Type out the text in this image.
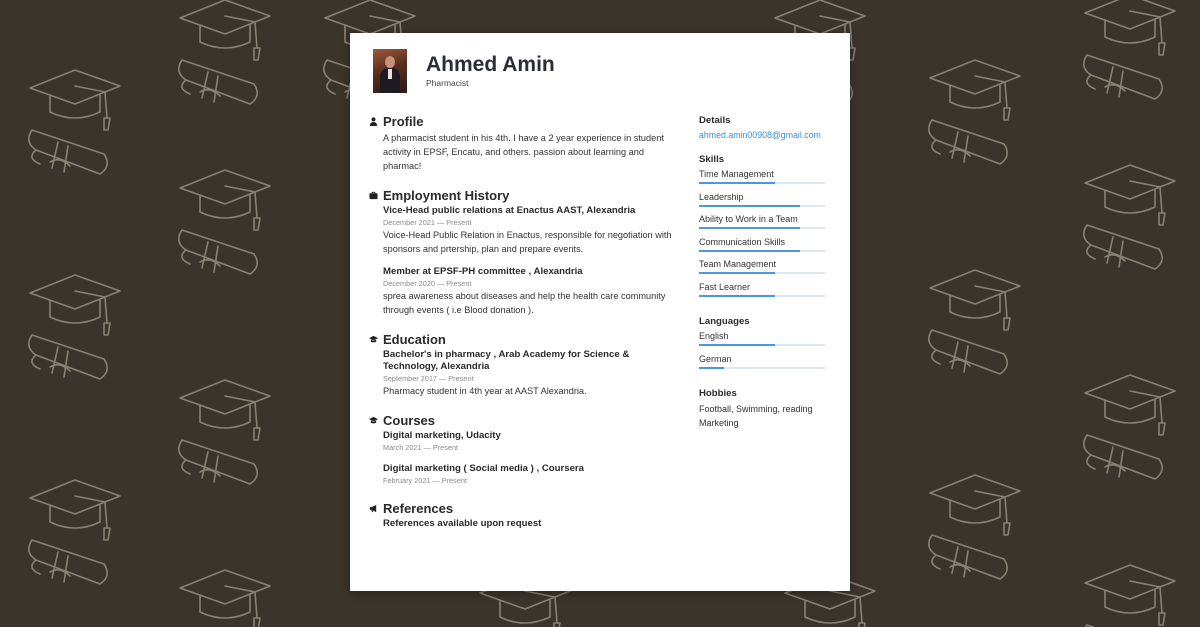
Ahmed Amin
Pharmacist
Profile
A pharmacist student in his 4th. I have a 2 year experience in student activity in EPSF, Encatu, and others. passion about learning and pharmac!
Employment History
Vice-Head public relations at Enactus AAST, Alexandria
December 2021 — Present
Voice-Head Public Relation in Enactus, responsible for negotiation with sponsors and prtership, plan and prepare events.
Member at EPSF-PH committee , Alexandria
December 2020 — Present
sprea awareness about diseases and help the health care community through events ( i.e Blood donation ).
Education
Bachelor's in pharmacy , Arab Academy for Science & Technology, Alexandria
September 2017 — Present
Pharmacy student in 4th year at AAST Alexandria.
Courses
Digital marketing, Udacity
March 2021 — Present
Digital marketing ( Social media ) , Coursera
February 2021 — Present
References
References available upon request
Details
ahmed.amin00908@gmail.com
Skills
Time Management
Leadership
Ability to Work in a Team
Communication Skills
Team Management
Fast Learner
Languages
English
German
Hobbies
Football, Swimming, reading Marketing
